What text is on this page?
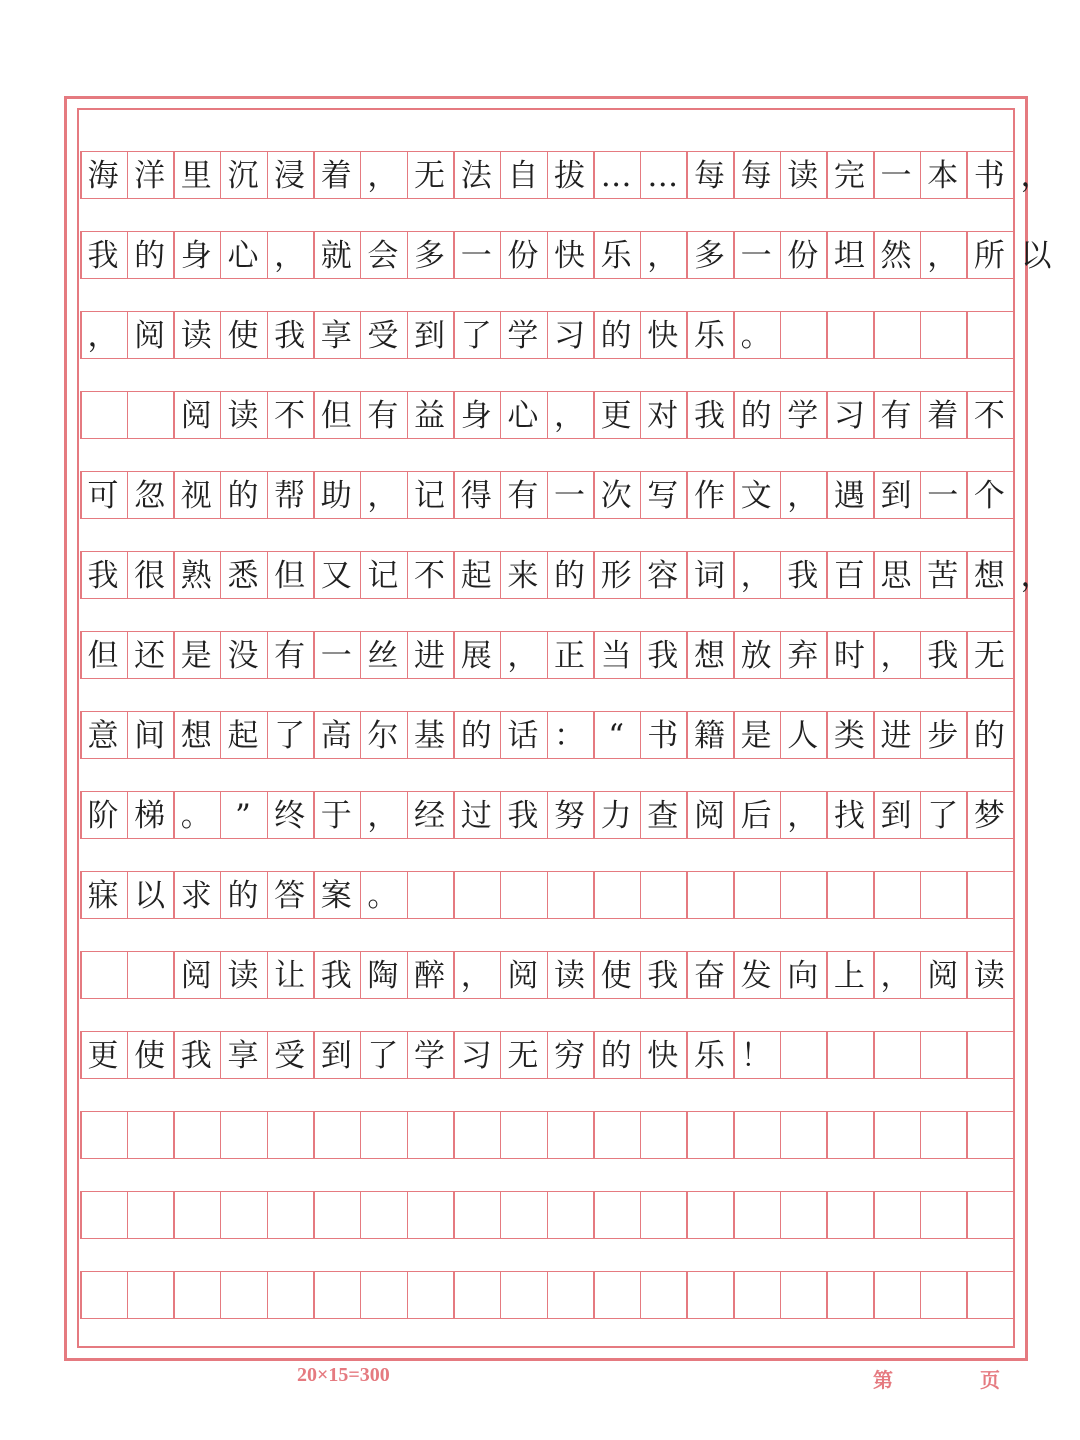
海 洋 里 沉 浸 着 ， 无 法 自 拔 … … 每 每 读 完 一 本 书 ，
我 的 身 心 ， 就 会 多 一 份 快 乐 ， 多 一 份 坦 然 ， 所 以
， 阅 读 使 我 享 受 到 了 学 习 的 快 乐 。

阅 读 不 但 有 益 身 心 ， 更 对 我 的 学 习 有 着 不
可 忽 视 的 帮 助 ， 记 得 有 一 次 写 作 文 ， 遇 到 一 个
我 很 熟 悉 但 又 记 不 起 来 的 形 容 词 ， 我 百 思 苦 想 ，
但 还 是 没 有 一 丝 进 展 ， 正 当 我 想 放 弃 时 ， 我 无
意 间 想 起 了 高 尔 基 的 话 ： “ 书 籍 是 人 类 进 步 的
阶 梯 。 ” 终 于 ， 经 过 我 努 力 查 阅 后 ， 找 到 了 梦
寐 以 求 的 答 案 。

阅 读 让 我 陶 醉 ， 阅 读 使 我 奋 发 向 上 ， 阅 读
更 使 我 享 受 到 了 学 习 无 穷 的 快 乐 ！
20×15=300	第	页
